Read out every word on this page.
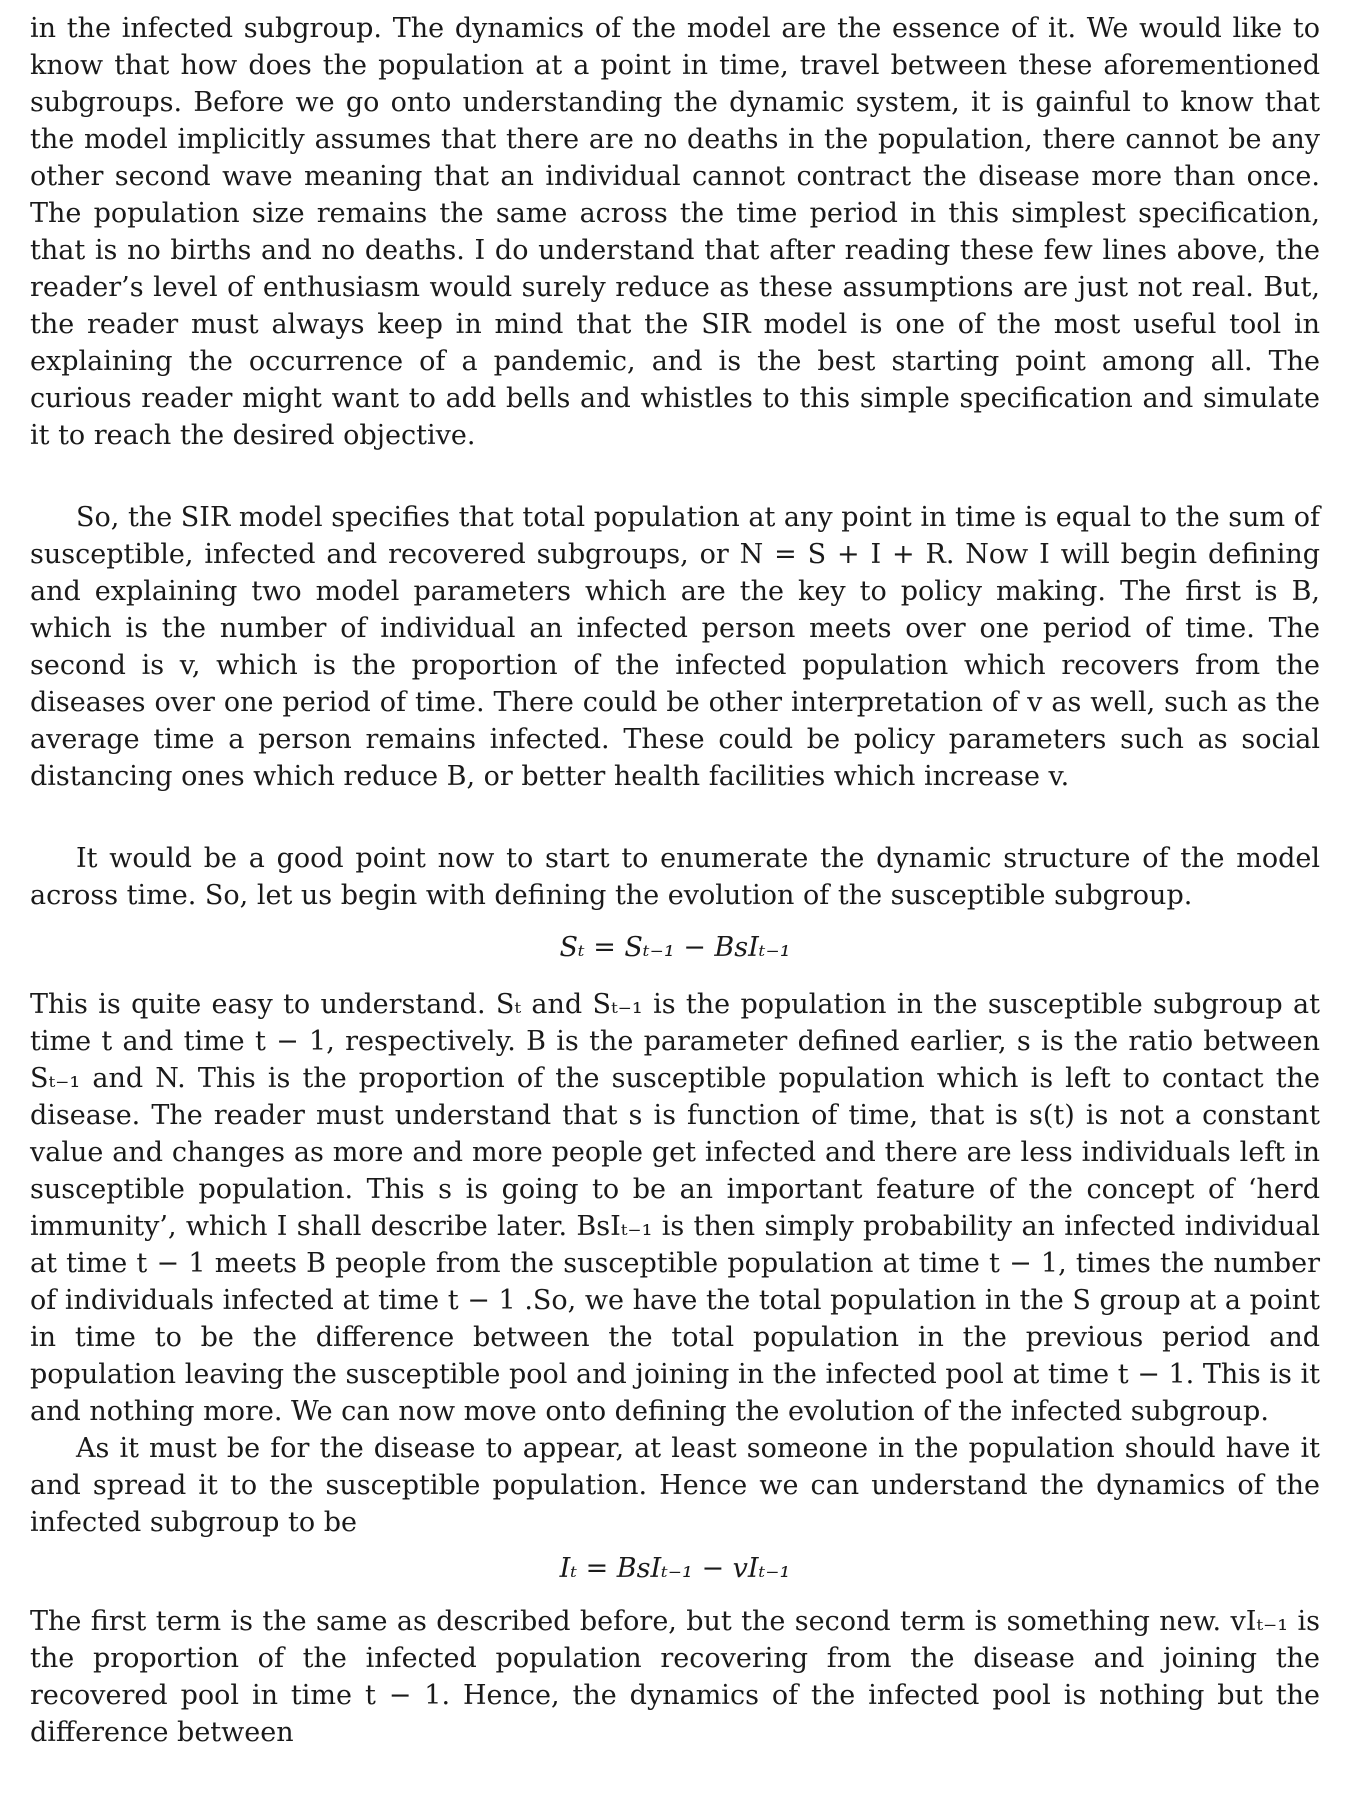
in the infected subgroup. The dynamics of the model are the essence of it. We would like to know that how does the population at a point in time, travel between these aforementioned subgroups. Before we go onto understanding the dynamic system, it is gainful to know that the model implicitly assumes that there are no deaths in the population, there cannot be any other second wave meaning that an individual cannot contract the disease more than once. The population size remains the same across the time period in this simplest specification, that is no births and no deaths. I do understand that after reading these few lines above, the reader’s level of enthusiasm would surely reduce as these assumptions are just not real. But, the reader must always keep in mind that the SIR model is one of the most useful tool in explaining the occurrence of a pandemic, and is the best starting point among all. The curious reader might want to add bells and whistles to this simple specification and simulate it to reach the desired objective.

So, the SIR model specifies that total population at any point in time is equal to the sum of susceptible, infected and recovered subgroups, or N = S + I + R. Now I will begin defining and explaining two model parameters which are the key to policy making. The first is B, which is the number of individual an infected person meets over one period of time. The second is v, which is the proportion of the infected population which recovers from the diseases over one period of time. There could be other interpretation of v as well, such as the average time a person remains infected. These could be policy parameters such as social distancing ones which reduce B, or better health facilities which increase v.

It would be a good point now to start to enumerate the dynamic structure of the model across time. So, let us begin with defining the evolution of the susceptible subgroup.

Sₜ = Sₜ₋₁ − BsIₜ₋₁

This is quite easy to understand. Sₜ and Sₜ₋₁ is the population in the susceptible subgroup at time t and time t − 1, respectively. B is the parameter defined earlier, s is the ratio between Sₜ₋₁ and N. This is the proportion of the susceptible population which is left to contact the disease. The reader must understand that s is function of time, that is s(t) is not a constant value and changes as more and more people get infected and there are less individuals left in susceptible population. This s is going to be an important feature of the concept of ‘herd immunity’, which I shall describe later. BsIₜ₋₁ is then simply probability an infected individual at time t − 1 meets B people from the susceptible population at time t − 1, times the number of individuals infected at time t − 1 .So, we have the total population in the S group at a point in time to be the difference between the total population in the previous period and population leaving the susceptible pool and joining in the infected pool at time t − 1. This is it and nothing more. We can now move onto defining the evolution of the infected subgroup.

As it must be for the disease to appear, at least someone in the population should have it and spread it to the susceptible population. Hence we can understand the dynamics of the infected subgroup to be

Iₜ = BsIₜ₋₁ − vIₜ₋₁

The first term is the same as described before, but the second term is something new. vIₜ₋₁ is the proportion of the infected population recovering from the disease and joining the recovered pool in time t − 1. Hence, the dynamics of the infected pool is nothing but the difference between
